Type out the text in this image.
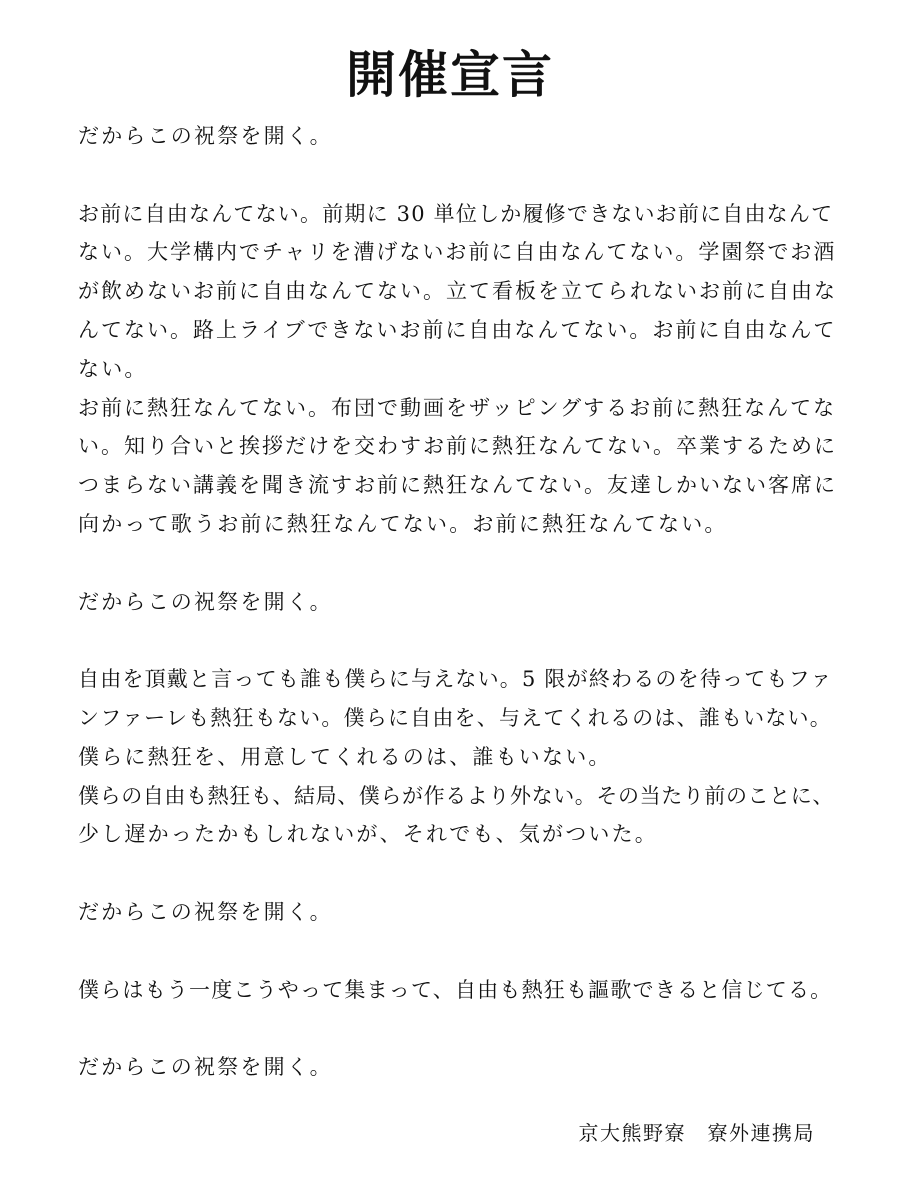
開催宣言
だからこの祝祭を開く。
お前に自由なんてない。前期に 30 単位しか履修できないお前に自由なんて
ない。大学構内でチャリを漕げないお前に自由なんてない。学園祭でお酒
が飲めないお前に自由なんてない。立て看板を立てられないお前に自由な
んてない。路上ライブできないお前に自由なんてない。お前に自由なんて
ない。
お前に熱狂なんてない。布団で動画をザッピングするお前に熱狂なんてな
い。知り合いと挨拶だけを交わすお前に熱狂なんてない。卒業するために
つまらない講義を聞き流すお前に熱狂なんてない。友達しかいない客席に
向かって歌うお前に熱狂なんてない。お前に熱狂なんてない。
だからこの祝祭を開く。
自由を頂戴と言っても誰も僕らに与えない。5 限が終わるのを待ってもファ
ンファーレも熱狂もない。僕らに自由を、与えてくれるのは、誰もいない。
僕らに熱狂を、用意してくれるのは、誰もいない。
僕らの自由も熱狂も、結局、僕らが作るより外ない。その当たり前のことに、
少し遅かったかもしれないが、それでも、気がついた。
だからこの祝祭を開く。
僕らはもう一度こうやって集まって、自由も熱狂も謳歌できると信じてる。
だからこの祝祭を開く。
京大熊野寮　寮外連携局
